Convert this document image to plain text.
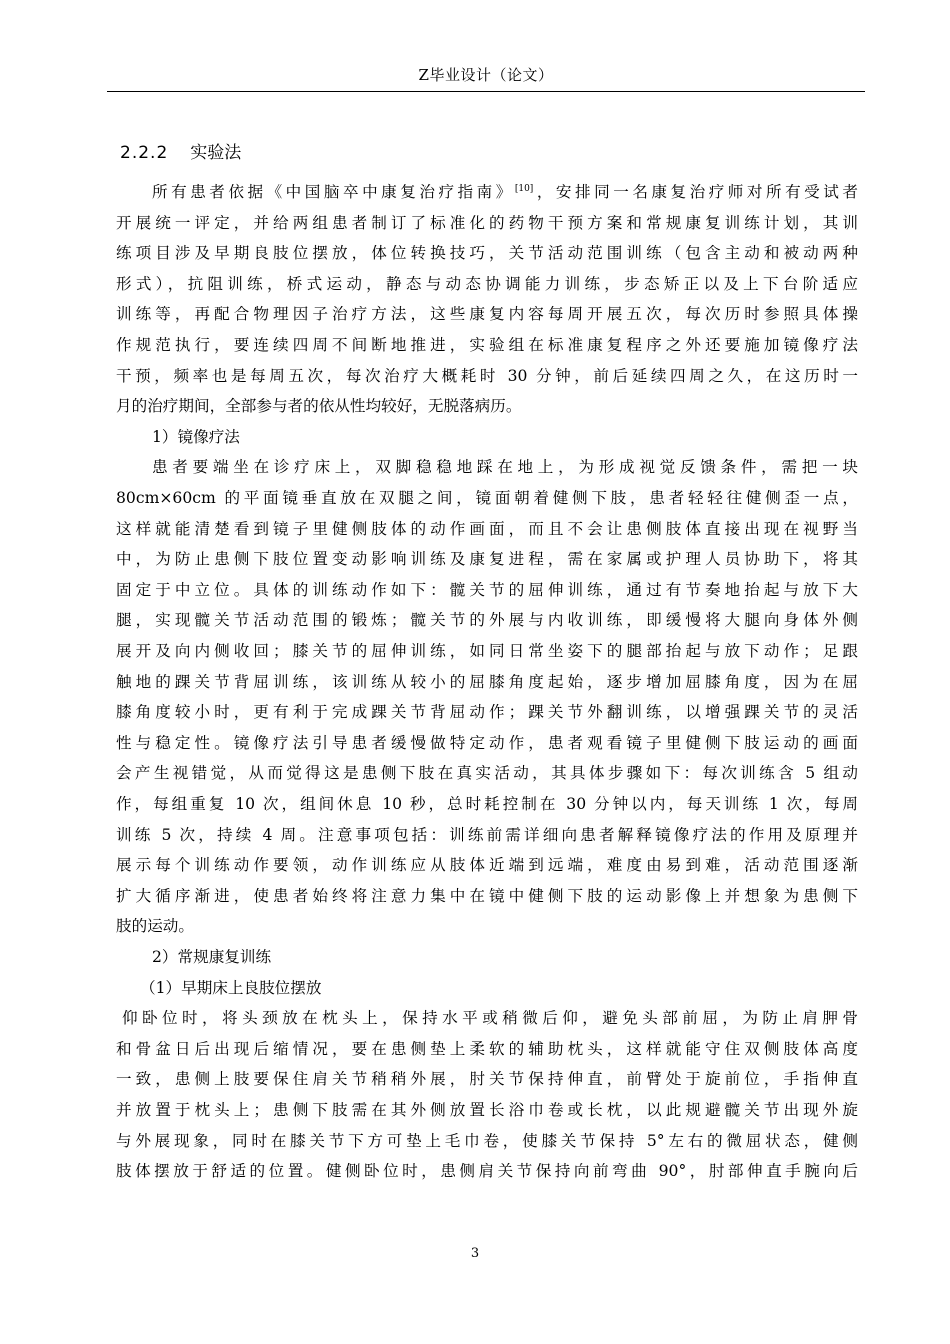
Z毕业设计（论文）
2.2.2 实验法
所有患者依据《中国脑卒中康复治疗指南》[10]，安排同一名康复治疗师对所有受试者
开展统一评定，并给两组患者制订了标准化的药物干预方案和常规康复训练计划，其训
练项目涉及早期良肢位摆放，体位转换技巧，关节活动范围训练（包含主动和被动两种
形式），抗阻训练，桥式运动，静态与动态协调能力训练，步态矫正以及上下台阶适应
训练等，再配合物理因子治疗方法，这些康复内容每周开展五次，每次历时参照具体操
作规范执行，要连续四周不间断地推进，实验组在标准康复程序之外还要施加镜像疗法
干预，频率也是每周五次，每次治疗大概耗时 30 分钟，前后延续四周之久，在这历时一
月的治疗期间，全部参与者的依从性均较好，无脱落病历。
1）镜像疗法
患者要端坐在诊疗床上，双脚稳稳地踩在地上，为形成视觉反馈条件，需把一块
80cm×60cm 的平面镜垂直放在双腿之间，镜面朝着健侧下肢，患者轻轻往健侧歪一点，
这样就能清楚看到镜子里健侧肢体的动作画面，而且不会让患侧肢体直接出现在视野当
中，为防止患侧下肢位置变动影响训练及康复进程，需在家属或护理人员协助下，将其
固定于中立位。具体的训练动作如下：髋关节的屈伸训练，通过有节奏地抬起与放下大
腿，实现髋关节活动范围的锻炼；髋关节的外展与内收训练，即缓慢将大腿向身体外侧
展开及向内侧收回；膝关节的屈伸训练，如同日常坐姿下的腿部抬起与放下动作；足跟
触地的踝关节背屈训练，该训练从较小的屈膝角度起始，逐步增加屈膝角度，因为在屈
膝角度较小时，更有利于完成踝关节背屈动作；踝关节外翻训练，以增强踝关节的灵活
性与稳定性。镜像疗法引导患者缓慢做特定动作，患者观看镜子里健侧下肢运动的画面
会产生视错觉，从而觉得这是患侧下肢在真实活动，其具体步骤如下：每次训练含 5 组动
作，每组重复 10 次，组间休息 10 秒，总时耗控制在 30 分钟以内，每天训练 1 次，每周
训练 5 次，持续 4 周。注意事项包括：训练前需详细向患者解释镜像疗法的作用及原理并
展示每个训练动作要领，动作训练应从肢体近端到远端，难度由易到难，活动范围逐渐
扩大循序渐进，使患者始终将注意力集中在镜中健侧下肢的运动影像上并想象为患侧下
肢的运动。
2）常规康复训练
（1）早期床上良肢位摆放
仰卧位时，将头颈放在枕头上，保持水平或稍微后仰，避免头部前屈，为防止肩胛骨
和骨盆日后出现后缩情况，要在患侧垫上柔软的辅助枕头，这样就能守住双侧肢体高度
一致，患侧上肢要保住肩关节稍稍外展，肘关节保持伸直，前臂处于旋前位，手指伸直
并放置于枕头上；患侧下肢需在其外侧放置长浴巾卷或长枕，以此规避髋关节出现外旋
与外展现象，同时在膝关节下方可垫上毛巾卷，使膝关节保持 5°左右的微屈状态，健侧
肢体摆放于舒适的位置。健侧卧位时，患侧肩关节保持向前弯曲 90°，肘部伸直手腕向后
3
